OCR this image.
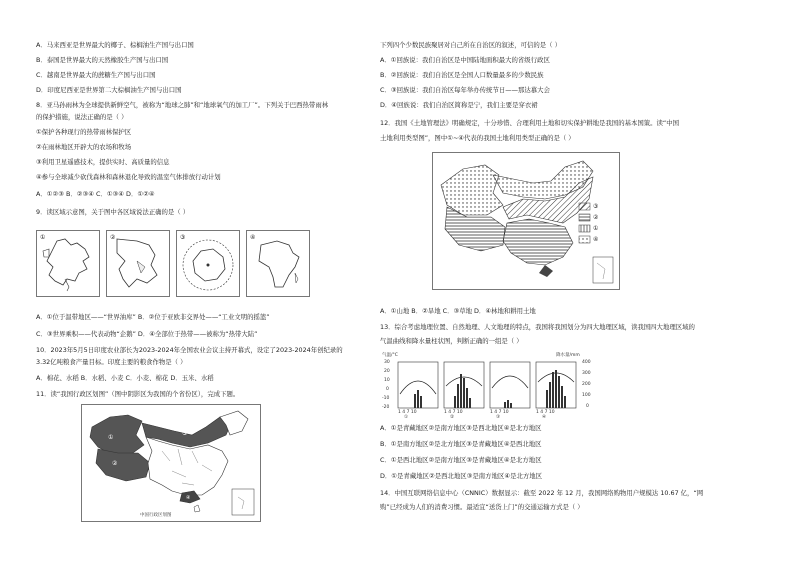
A．马来西亚是世界最大的椰子、棕榈油生产国与出口国
B．泰国是世界最大的天然橡胶生产国与出口国
C．越南是世界最大的蔗糖生产国与出口国
D．印度尼西亚是世界第二大棕榈油生产国与出口国
8．亚马孙雨林为全球提供新鲜空气，被称为“地球之肺”和“地球氧气的加工厂”。下列关于巴西热带雨林
的保护措施，说法正确的是（ ）
①保护各种现行的热带雨林保护区
②在雨林地区开辟大的农场和牧场
③利用卫星遥感技术，提供实时、高质量的信息
④参与全球减少砍伐森林和森林退化导致的温室气体排放行动计划
A．①②③ B．②③④ C．①③④ D．①②④
9．读区域示意图，关于图中各区域说法正确的是（ ）
①	②	③	④
A．①位于温带地区——“世界油库” B．②位于亚欧非交界处——“工业文明的摇篮”
C．③世界乘积——代表动物“企鹅” D．④全部位于热带——被称为“热带大陆”
10．2023年5月5日印度农业部长为2023-2024年全国农业会议主持开幕式，设定了2023-2024年创纪录的
3.32亿吨粮食产量目标。印度主要的粮食作物是（ ）
A．棉花、水稻 B．水稻、小麦 C．小麦、棉花 D．玉米、水稻
11．读“我国行政区划图”（图中阴影区为我国的个省份区），完成下题。
①
②
③
④
中国行政区划图
下列四个少数民族聚居对自己所在自治区的叙述，可信的是（ ）
A．①回族说：我们自治区是中国陆地面积最大的省级行政区
B．②回族说：我们自治区是全国人口数量最多的少数民族
C．③回族说：我们自治区每年举办传统节日——那达慕大会
D．④回族说：我们自治区简称是宁，我们主要是穿衣裙
12．我国《土地管理法》明确规定，十分珍惜、合理利用土地和切实保护耕地是我国的基本国策。读“中国
土地利用类型图”，图中①~④代表的我国土地利用类型正确的是（ ）
③
②
①
④
A．①山地 B．②旱地 C．③草地 D．④林地和耕用土地
13．综合考虑地理位置、自然地理、人文地理的特点，我国将我国划分为四大地理区域，读我国四大地理区域的
气温曲线和降水量柱状图，判断正确的一组是（ ）
气温/°C	降水量/mm
30
20
10
0
-10
-20
400
300
200
100
0
1 4 7 10	1 4 7 10	1 4 7 10	1 4 7 10
①	②	③	④
A．①是青藏地区②是南方地区③是西北地区④是北方地区
B．①是南方地区②是北方地区③是青藏地区④是西北地区
C．①是西北地区②是南方地区③是青藏地区④是北方地区
D．①是青藏地区②是西北地区③是南方地区④是北方地区
14．中国互联网络信息中心（CNNIC）数据显示：截至 2022 年 12 月，我国网络购物用户规模达 10.67 亿，“网
购”已经成为人们的消费习惯。最适宜“送货上门”的交通运输方式是（ ）
